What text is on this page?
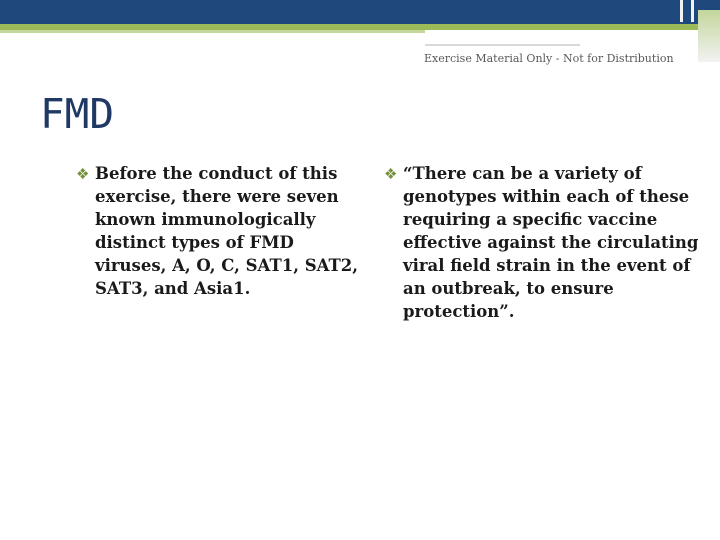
Exercise Material Only - Not for Distribution
FMD
❖ Before the conduct of this exercise, there were seven known immunologically distinct types of FMD viruses, A, O, C, SAT1, SAT2, SAT3, and Asia1.
❖ “There can be a variety of genotypes within each of these requiring a specific vaccine effective against the circulating viral field strain in the event of an outbreak, to ensure protection”.
